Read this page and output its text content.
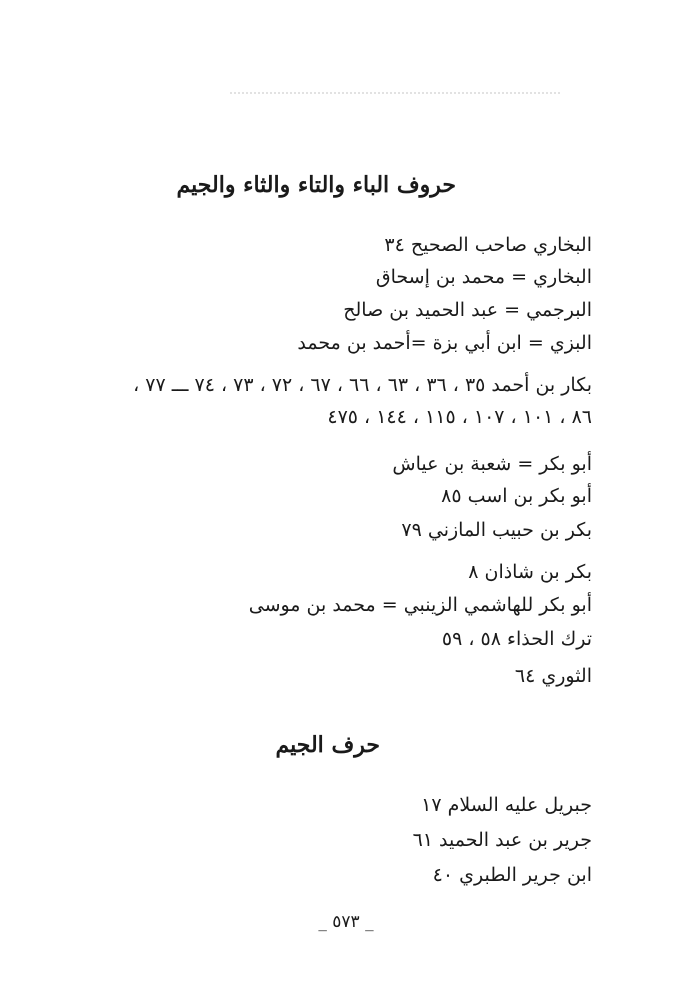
حروف الباء والتاء والثاء والجيم
البخاري صاحب الصحيح ٣٤
البخاري = محمد بن إسحاق
البرجمي = عبد الحميد بن صالح
البزي = ابن أبي بزة =أحمد بن محمد
بكار بن أحمد ٣٥ ، ٣٦ ، ٦٣ ، ٦٦ ، ٦٧ ، ٧٢ ، ٧٣ ، ٧٤ ـــ ٧٧ ،
٨٦ ، ١٠١ ، ١٠٧ ، ١١٥ ، ١٤٤ ، ٤٧٥
أبو بكر = شعبة بن عياش
أبو بكر بن اسب ٨٥
بكر بن حبيب المازني ٧٩
بكر بن شاذان ٨
أبو بكر للهاشمي الزينبي = محمد بن موسى
ترك الحذاء ٥٨ ، ٥٩
الثوري ٦٤
حرف الجيم
جبريل عليه السلام ١٧
جرير بن عبد الحميد ٦١
ابن جرير الطبري ٤٠
_ ٥٧٣ _
